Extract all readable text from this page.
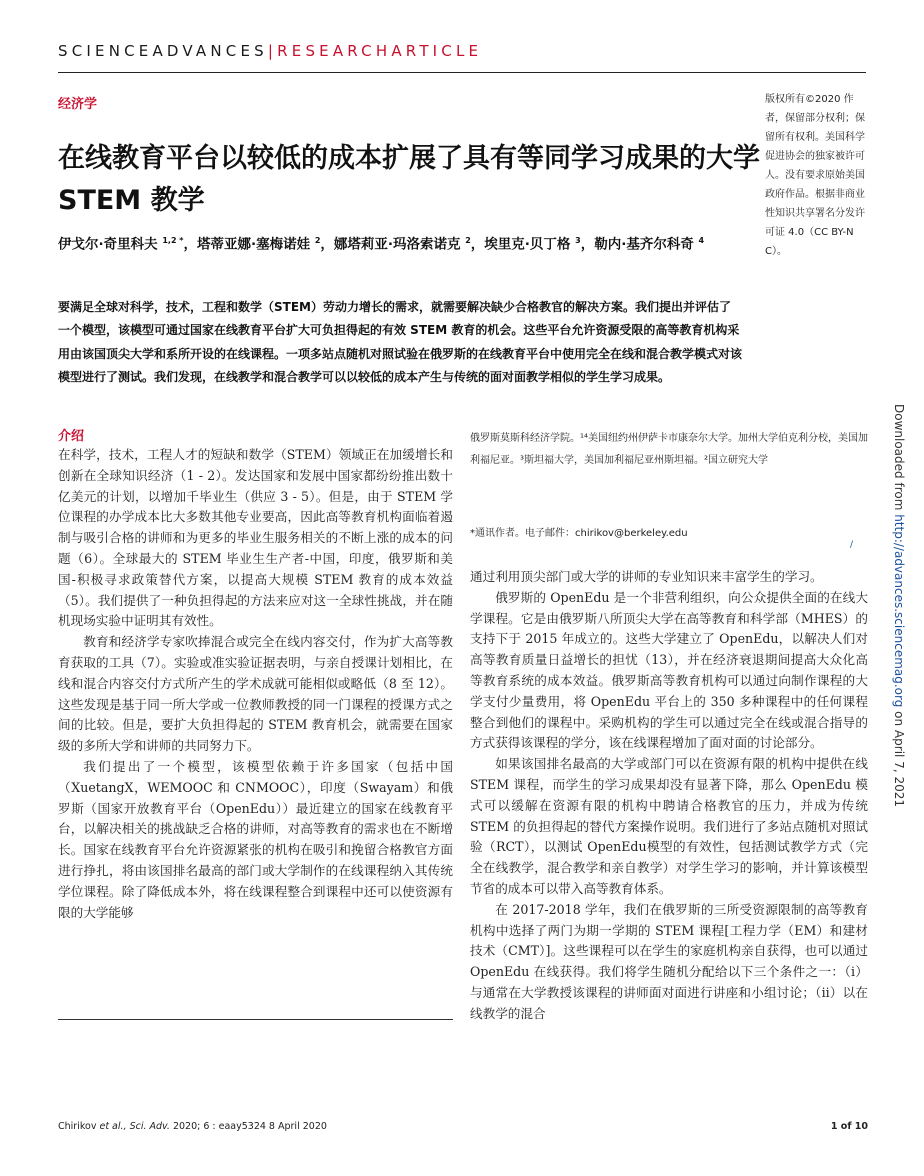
SCIENCEADVANCES|RESEARCHARTICLE
经济学
在线教育平台以较低的成本扩展了具有等同学习成果的大学 STEM 教学
伊戈尔·奇里科夫 $^{1,2 *}$，塔蒂亚娜·塞梅诺娃 $^2$，娜塔莉亚·玛洛索诺克 $^2$，埃里克·贝丁格 $^3$，勒内·基齐尔科奇 $^4$
版权所有©2020 作者，保留部分权利；保留所有权利。美国科学促进协会的独家被许可人。没有要求原始美国政府作品。根据非商业性知识共享署名分发许可证 4.0（CC BY-NC）。
要满足全球对科学，技术，工程和数学（STEM）劳动力增长的需求，就需要解决缺少合格教官的解决方案。我们提出并评估了一个模型，该模型可通过国家在线教育平台扩大可负担得起的有效 STEM 教育的机会。这些平台允许资源受限的高等教育机构采用由该国顶尖大学和系所开设的在线课程。一项多站点随机对照试验在俄罗斯的在线教育平台中使用完全在线和混合教学模式对该模型进行了测试。我们发现，在线教学和混合教学可以以较低的成本产生与传统的面对面教学相似的学生学习成果。
介绍

在科学，技术，工程人才的短缺和数学（STEM）领域正在加缓增长和创新在全球知识经济（1 - 2）。发达国家和发展中国家都纷纷推出数十亿美元的计划，以增加千毕业生（供应 3 - 5）。但是，由于 STEM 学位课程的办学成本比大多数其他专业要高，因此高等教育机构面临着遏制与吸引合格的讲师和为更多的毕业生服务相关的不断上涨的成本的问题（6）。全球最大的 STEM 毕业生生产者-中国，印度，俄罗斯和美国-积极寻求政策替代方案，以提高大规模 STEM 教育的成本效益（5）。我们提供了一种负担得起的方法来应对这一全球性挑战，并在随机现场实验中证明其有效性。

教育和经济学专家吹捧混合或完全在线内容交付，作为扩大高等教育获取的工具（7）。实验或准实验证据表明，与亲自授课计划相比，在线和混合内容交付方式所产生的学术成就可能相似或略低（8 至 12）。这些发现是基于同一所大学或一位教师教授的同一门课程的授课方式之间的比较。但是，要扩大负担得起的 STEM 教育机会，就需要在国家级的多所大学和讲师的共同努力下。

我们提出了一个模型，该模型依赖于许多国家（包括中国（XuetangX，WEMOOC 和 CNMOOC），印度（Swayam）和俄罗斯（国家开放教育平台（OpenEdu））最近建立的国家在线教育平台，以解决相关的挑战缺乏合格的讲师，对高等教育的需求也在不断增长。国家在线教育平台允许资源紧张的机构在吸引和挽留合格教官方面进行挣扎，将由该国排名最高的部门或大学制作的在线课程纳入其传统学位课程。除了降低成本外，将在线课程整合到课程中还可以使资源有限的大学能够

俄罗斯莫斯科经济学院。¹⁴美国纽约州伊萨卡市康奈尔大学。加州大学伯克利分校，美国加利福尼亚。³斯坦福大学，美国加利福尼亚州斯坦福。²国立研究大学
*通讯作者。电子邮件：chirikov@berkeley.edu
/

通过利用顶尖部门或大学的讲师的专业知识来丰富学生的学习。

俄罗斯的 OpenEdu 是一个非营利组织，向公众提供全面的在线大学课程。它是由俄罗斯八所顶尖大学在高等教育和科学部（MHES）的支持下于 2015 年成立的。这些大学建立了 OpenEdu，以解决人们对高等教育质量日益增长的担忧（13），并在经济衰退期间提高大众化高等教育系统的成本效益。俄罗斯高等教育机构可以通过向制作课程的大学支付少量费用，将 OpenEdu 平台上的 350 多种课程中的任何课程整合到他们的课程中。采购机构的学生可以通过完全在线或混合指导的方式获得该课程的学分，该在线课程增加了面对面的讨论部分。

如果该国排名最高的大学或部门可以在资源有限的机构中提供在线 STEM 课程，而学生的学习成果却没有显著下降，那么 OpenEdu 模式可以缓解在资源有限的机构中聘请合格教官的压力，并成为传统 STEM 的负担得起的替代方案操作说明。我们进行了多站点随机对照试验（RCT），以测试 OpenEdu模型的有效性，包括测试教学方式（完全在线教学，混合教学和亲自教学）对学生学习的影响，并计算该模型节省的成本可以带入高等教育体系。

在 2017-2018 学年，我们在俄罗斯的三所受资源限制的高等教育机构中选择了两门为期一学期的 STEM 课程[工程力学（EM）和建材技术（CMT）]。这些课程可以在学生的家庭机构亲自获得，也可以通过 OpenEdu 在线获得。我们将学生随机分配给以下三个条件之一：（i）与通常在大学教授该课程的讲师面对面进行讲座和小组讨论；（ii）以在线教学的混合

Downloaded from http://advances.sciencemag.org on April 7, 2021
Chirikov et al., Sci. Adv. 2020; 6 : eaay5324 8 April 2020	1 of 10
